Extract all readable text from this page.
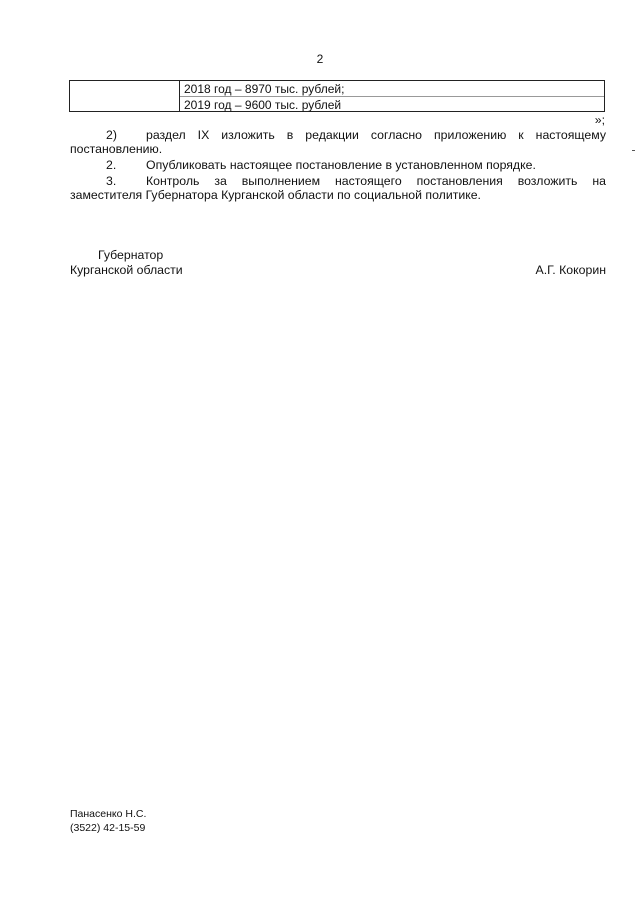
2
2018 год – 8970 тыс. рублей;
2019 год – 9600 тыс. рублей
»;
2) раздел IX изложить в редакции согласно приложению к настоящему
постановлению.
2. Опубликовать настоящее постановление в установленном порядке.
3. Контроль за выполнением настоящего постановления возложить на
заместителя Губернатора Курганской области по социальной политике.
Губернатор
Курганской области	А.Г. Кокорин
Панасенко Н.С.
(3522) 42-15-59
